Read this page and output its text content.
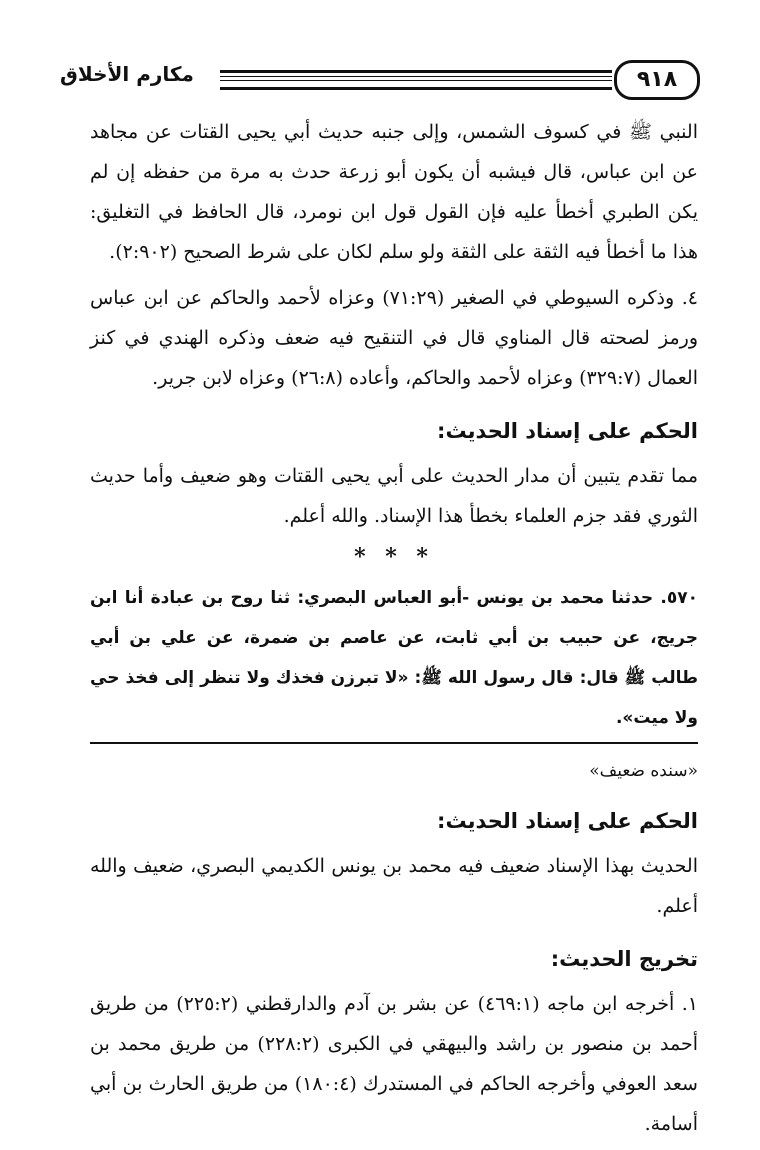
٩١٨
مكارم الأخلاق

النبي ﷺ في كسوف الشمس، وإلى جنبه حديث أبي يحيى القتات عن مجاهد عن ابن عباس، قال فيشبه أن يكون أبو زرعة حدث به مرة من حفظه إن لم يكن الطبري أخطأ عليه فإن القول قول ابن نومرد، قال الحافظ في التغليق: هذا ما أخطأ فيه الثقة على الثقة ولو سلم لكان على شرط الصحيح (٢:٩٠٢).

٤. وذكره السيوطي في الصغير (٧١:٢٩) وعزاه لأحمد والحاكم عن ابن عباس ورمز لصحته قال المناوي قال في التنقيح فيه ضعف وذكره الهندي في كنز العمال (٣٢٩:٧) وعزاه لأحمد والحاكم، وأعاده (٢٦:٨) وعزاه لابن جرير.

الحكم على إسناد الحديث:

مما تقدم يتبين أن مدار الحديث على أبي يحيى القتات وهو ضعيف وأما حديث الثوري فقد جزم العلماء بخطأ هذا الإسناد. والله أعلم.

* * *

٥٧٠. حدثنا محمد بن يونس -أبو العباس البصري: ثنا روح بن عبادة أنا ابن جريج، عن حبيب بن أبي ثابت، عن عاصم بن ضمرة، عن علي بن أبي طالب ﷺ قال: قال رسول الله ﷺ: «لا تبرزن فخذك ولا تنظر إلى فخذ حي ولا ميت».

«سنده ضعيف»

الحكم على إسناد الحديث:

الحديث بهذا الإسناد ضعيف فيه محمد بن يونس الكديمي البصري، ضعيف والله أعلم.

تخريج الحديث:

١. أخرجه ابن ماجه (٤٦٩:١) عن بشر بن آدم والدارقطني (٢٢٥:٢) من طريق أحمد بن منصور بن راشد والبيهقي في الكبرى (٢٢٨:٢) من طريق محمد بن سعد العوفي وأخرجه الحاكم في المستدرك (١٨٠:٤) من طريق الحارث بن أبي أسامة.
